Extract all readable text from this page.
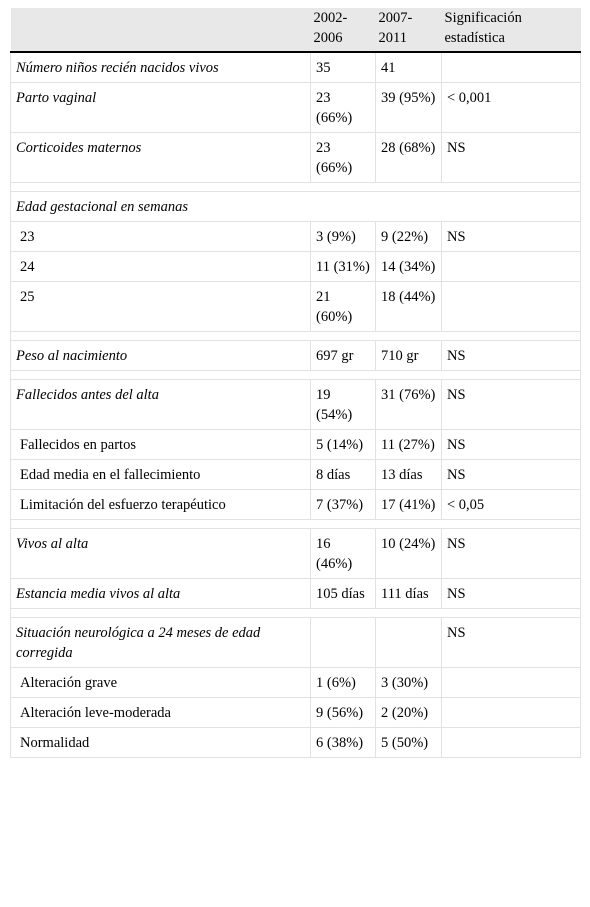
	2002-2006	2007-2011	Significación estadística
Número niños recién nacidos vivos	35	41	
Parto vaginal	23 (66%)	39 (95%)	< 0,001
Corticoides maternos	23 (66%)	28 (68%)	NS

Edad gestacional en semanas			
23	3 (9%)	9 (22%)	NS
24	11 (31%)	14 (34%)	
25	21 (60%)	18 (44%)	

Peso al nacimiento	697 gr	710 gr	NS

Fallecidos antes del alta	19 (54%)	31 (76%)	NS
Fallecidos en partos	5 (14%)	11 (27%)	NS
Edad media en el fallecimiento	8 días	13 días	NS
Limitación del esfuerzo terapéutico	7 (37%)	17 (41%)	< 0,05

Vivos al alta	16 (46%)	10 (24%)	NS
Estancia media vivos al alta	105 días	111 días	NS

Situación neurológica a 24 meses de edad corregida			NS
Alteración grave	1 (6%)	3 (30%)	
Alteración leve-moderada	9 (56%)	2 (20%)	
Normalidad	6 (38%)	5 (50%)	
